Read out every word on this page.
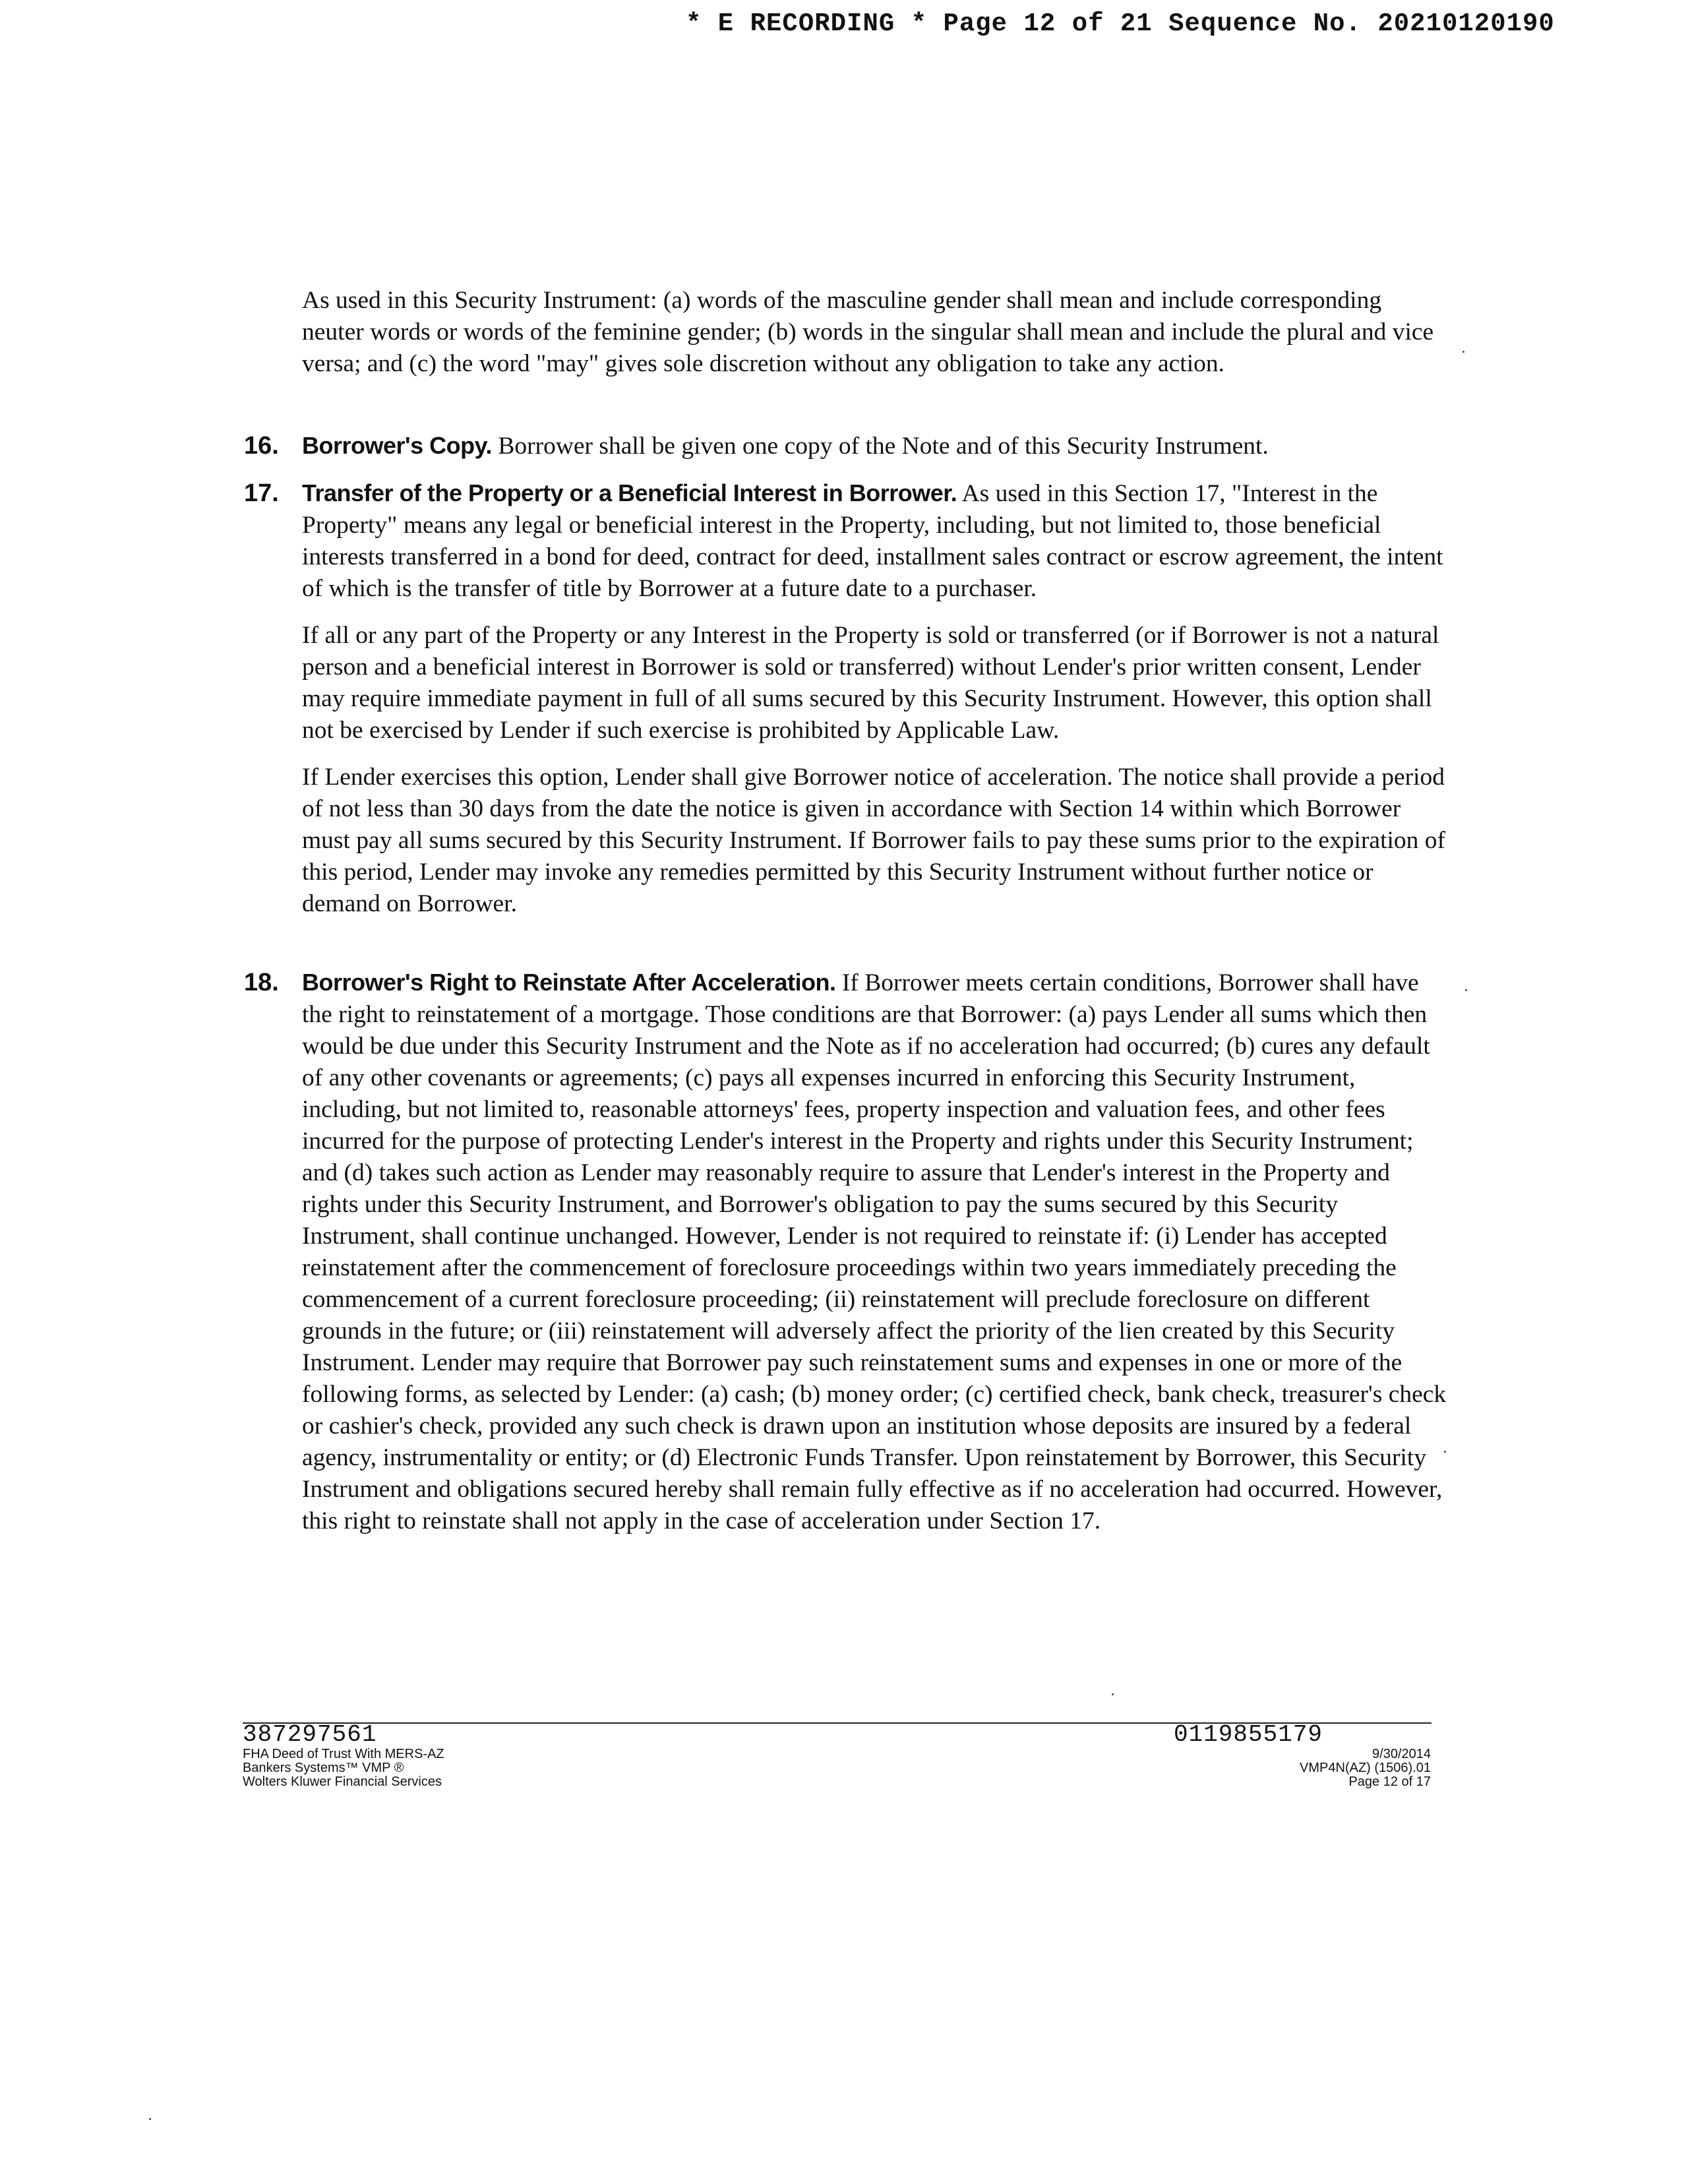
* E RECORDING * Page 12 of 21 Sequence No. 20210120190
As used in this Security Instrument: (a) words of the masculine gender shall mean and include corresponding neuter words or words of the feminine gender; (b) words in the singular shall mean and include the plural and vice versa; and (c) the word "may" gives sole discretion without any obligation to take any action.
16. Borrower's Copy. Borrower shall be given one copy of the Note and of this Security Instrument.

17. Transfer of the Property or a Beneficial Interest in Borrower. As used in this Section 17, "Interest in the Property" means any legal or beneficial interest in the Property, including, but not limited to, those beneficial interests transferred in a bond for deed, contract for deed, installment sales contract or escrow agreement, the intent of which is the transfer of title by Borrower at a future date to a purchaser.

If all or any part of the Property or any Interest in the Property is sold or transferred (or if Borrower is not a natural person and a beneficial interest in Borrower is sold or transferred) without Lender's prior written consent, Lender may require immediate payment in full of all sums secured by this Security Instrument. However, this option shall not be exercised by Lender if such exercise is prohibited by Applicable Law.

If Lender exercises this option, Lender shall give Borrower notice of acceleration. The notice shall provide a period of not less than 30 days from the date the notice is given in accordance with Section 14 within which Borrower must pay all sums secured by this Security Instrument. If Borrower fails to pay these sums prior to the expiration of this period, Lender may invoke any remedies permitted by this Security Instrument without further notice or demand on Borrower.

18. Borrower's Right to Reinstate After Acceleration. If Borrower meets certain conditions, Borrower shall have the right to reinstatement of a mortgage. Those conditions are that Borrower: (a) pays Lender all sums which then would be due under this Security Instrument and the Note as if no acceleration had occurred; (b) cures any default of any other covenants or agreements; (c) pays all expenses incurred in enforcing this Security Instrument, including, but not limited to, reasonable attorneys' fees, property inspection and valuation fees, and other fees incurred for the purpose of protecting Lender's interest in the Property and rights under this Security Instrument; and (d) takes such action as Lender may reasonably require to assure that Lender's interest in the Property and rights under this Security Instrument, and Borrower's obligation to pay the sums secured by this Security Instrument, shall continue unchanged. However, Lender is not required to reinstate if: (i) Lender has accepted reinstatement after the commencement of foreclosure proceedings within two years immediately preceding the commencement of a current foreclosure proceeding; (ii) reinstatement will preclude foreclosure on different grounds in the future; or (iii) reinstatement will adversely affect the priority of the lien created by this Security Instrument. Lender may require that Borrower pay such reinstatement sums and expenses in one or more of the following forms, as selected by Lender: (a) cash; (b) money order; (c) certified check, bank check, treasurer's check or cashier's check, provided any such check is drawn upon an institution whose deposits are insured by a federal agency, instrumentality or entity; or (d) Electronic Funds Transfer. Upon reinstatement by Borrower, this Security Instrument and obligations secured hereby shall remain fully effective as if no acceleration had occurred. However, this right to reinstate shall not apply in the case of acceleration under Section 17.

387297561
FHA Deed of Trust With MERS-AZ
Bankers Systems™ VMP ®
Wolters Kluwer Financial Services
0119855179
9/30/2014
VMP4N(AZ) (1506).01
Page 12 of 17
